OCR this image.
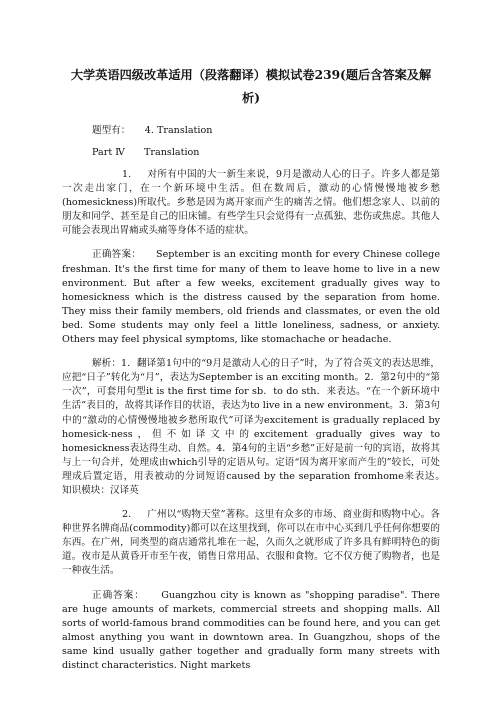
大学英语四级改革适用（段落翻译）模拟试卷239(题后含答案及解析)

题型有：　　4. Translation

Part Ⅳ　　Translation

1. 对所有中国的大一新生来说，9月是激动人心的日子。许多人都是第一次走出家门，在一个新环境中生活。但在数周后，激动的心情慢慢地被乡愁(homesickness)所取代。乡愁是因为离开家而产生的痛苦之情。他们想念家人、以前的朋友和同学、甚至是自己的旧床铺。有些学生只会觉得有一点孤独、悲伤或焦虑。其他人可能会表现出胃痛或头痛等身体不适的症状。

正确答案：　　September is an exciting month for every Chinese college freshman. It's the first time for many of them to leave home to live in a new environment. But after a few weeks, excitement gradually gives way to homesickness which is the distress caused by the separation from home. They miss their family members, old friends and classmates, or even the old bed. Some students may only feel a little loneliness, sadness, or anxiety. Others may feel physical symptoms, like stomachache or headache.

解析：1．翻译第1句中的“9月是激动人心的日子”时，为了符合英文的表达思维，应把“日子”转化为“月”，表达为September is an exciting month。2．第2句中的“第一次”，可套用句型it is the first time for sb．to do sth．来表达。“在一个新环境中生活”表目的，故将其译作目的状语，表达为to live in a new environment。3．第3句中的“激动的心情慢慢地被乡愁所取代”可译为excitement is gradually replaced by homesick-ness，但不如译文中的excitement gradually gives way to homesickness表达得生动、自然。4．第4句的主语“乡愁”正好是前一句的宾语，故将其与上一句合并，处理成由which引导的定语从句。定语“因为离开家而产生的”较长，可处理成后置定语，用表被动的分词短语caused by the separation fromhome来表达。　知识模块：汉译英

2. 广州以“购物天堂”著称。这里有众多的市场、商业街和购物中心。各种世界名牌商品(commodity)都可以在这里找到，你可以在市中心买到几乎任何你想要的东西。在广州，同类型的商店通常扎堆在一起，久而久之就形成了许多具有鲜明特色的街道。夜市是从黄昏开市至午夜，销售日常用品、衣服和食物。它不仅方便了购物者，也是一种夜生活。

正确答案：　　Guangzhou city is known as "shopping paradise". There are huge amounts of markets, commercial streets and shopping malls. All sorts of world-famous brand commodities can be found here, and you can get almost anything you want in downtown area. In Guangzhou, shops of the same kind usually gather together and gradually form many streets with distinct characteristics. Night markets
